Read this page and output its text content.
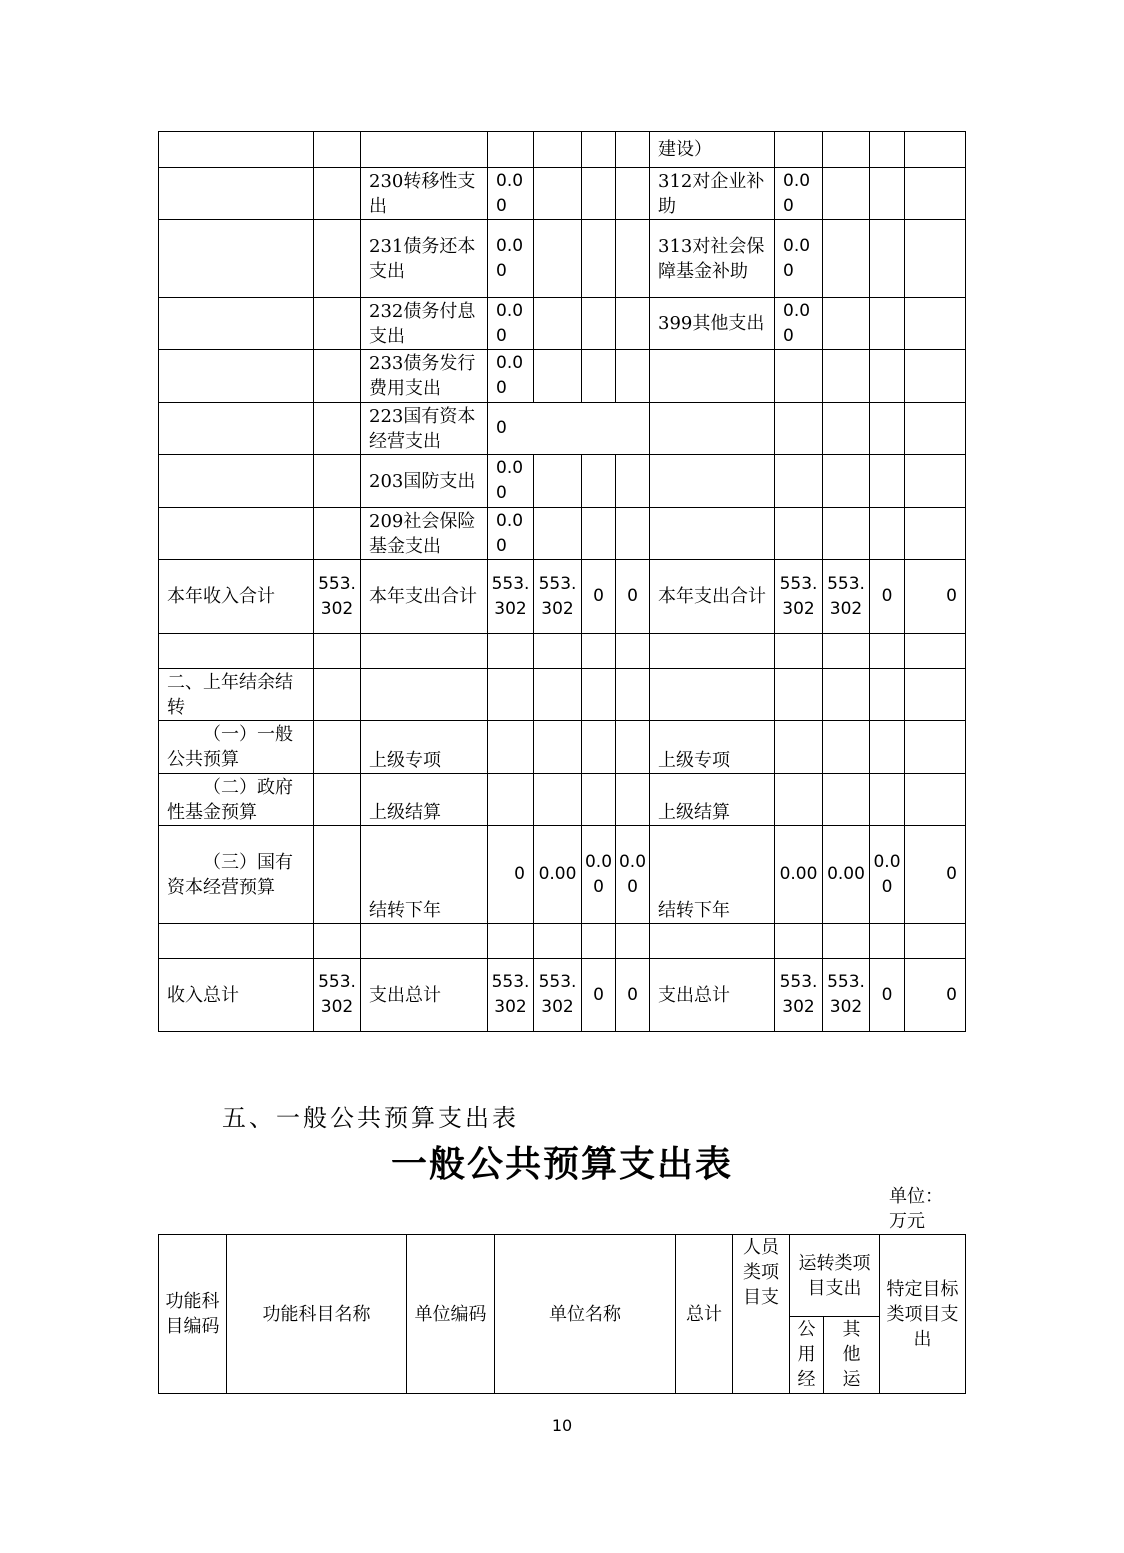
							建设）				
		230转移性支出	0.00				312对企业补助	0.00			
		231债务还本支出	0.00				313对社会保障基金补助	0.00			
		232债务付息支出	0.00				399其他支出	0.00			
		233债务发行费用支出	0.00								
		223国有资本经营支出	0								
		203国防支出	0.00								
		209社会保险基金支出	0.00								
本年收入合计	553.302	本年支出合计	553.302	553.302	0	0	本年支出合计	553.302	553.302	0	0

二、上年结余结转											
（一）一般公共预算		上级专项					上级专项				
（二）政府性基金预算		上级结算					上级结算				
（三）国有资本经营预算		结转下年	0	0.00	0.00	0.00	结转下年	0.00	0.00	0.00	0

收入总计	553.302	支出总计	553.302	553.302	0	0	支出总计	553.302	553.302	0	0
五、一般公共预算支出表
一般公共预算支出表
单位：万元
功能科目编码	功能科目名称	单位编码	单位名称	总计	人员类项目支	运转类项目支出		特定目标类项目支出
						公用经	其他运	
10
